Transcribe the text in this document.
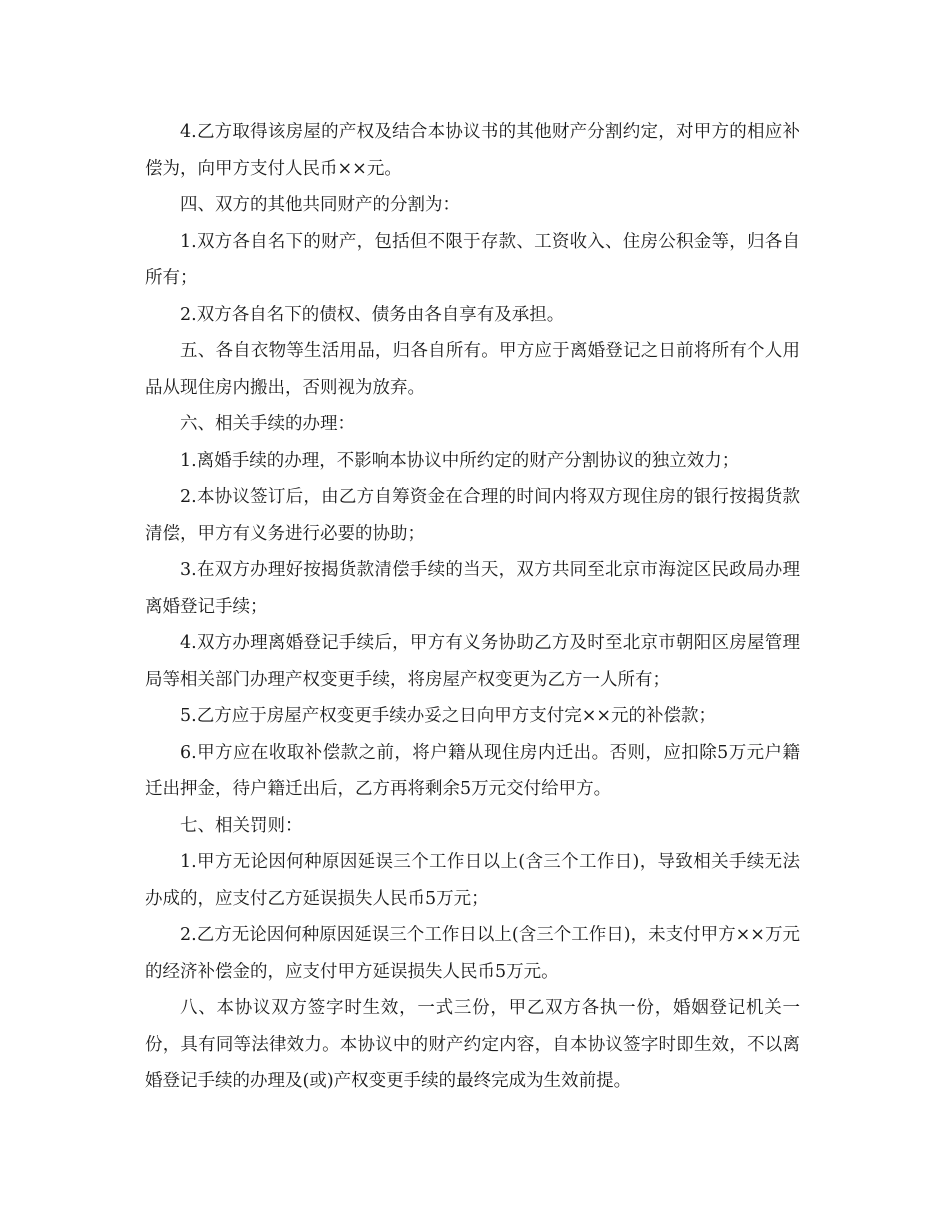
4.乙方取得该房屋的产权及结合本协议书的其他财产分割约定，对甲方的相应补偿为，向甲方支付人民币××元。

四、双方的其他共同财产的分割为：

1.双方各自名下的财产，包括但不限于存款、工资收入、住房公积金等，归各自所有；

2.双方各自名下的债权、债务由各自享有及承担。

五、各自衣物等生活用品，归各自所有。甲方应于离婚登记之日前将所有个人用品从现住房内搬出，否则视为放弃。

六、相关手续的办理：

1.离婚手续的办理，不影响本协议中所约定的财产分割协议的独立效力；

2.本协议签订后，由乙方自筹资金在合理的时间内将双方现住房的银行按揭货款清偿，甲方有义务进行必要的协助；

3.在双方办理好按揭货款清偿手续的当天，双方共同至北京市海淀区民政局办理离婚登记手续；

4.双方办理离婚登记手续后，甲方有义务协助乙方及时至北京市朝阳区房屋管理局等相关部门办理产权变更手续，将房屋产权变更为乙方一人所有；

5.乙方应于房屋产权变更手续办妥之日向甲方支付完××元的补偿款；

6.甲方应在收取补偿款之前，将户籍从现住房内迁出。否则，应扣除5万元户籍迁出押金，待户籍迁出后，乙方再将剩余5万元交付给甲方。

七、相关罚则：

1.甲方无论因何种原因延误三个工作日以上(含三个工作日)，导致相关手续无法办成的，应支付乙方延误损失人民币5万元；

2.乙方无论因何种原因延误三个工作日以上(含三个工作日)，未支付甲方××万元的经济补偿金的，应支付甲方延误损失人民币5万元。

八、本协议双方签字时生效，一式三份，甲乙双方各执一份，婚姻登记机关一份，具有同等法律效力。本协议中的财产约定内容，自本协议签字时即生效，不以离婚登记手续的办理及(或)产权变更手续的最终完成为生效前提。
